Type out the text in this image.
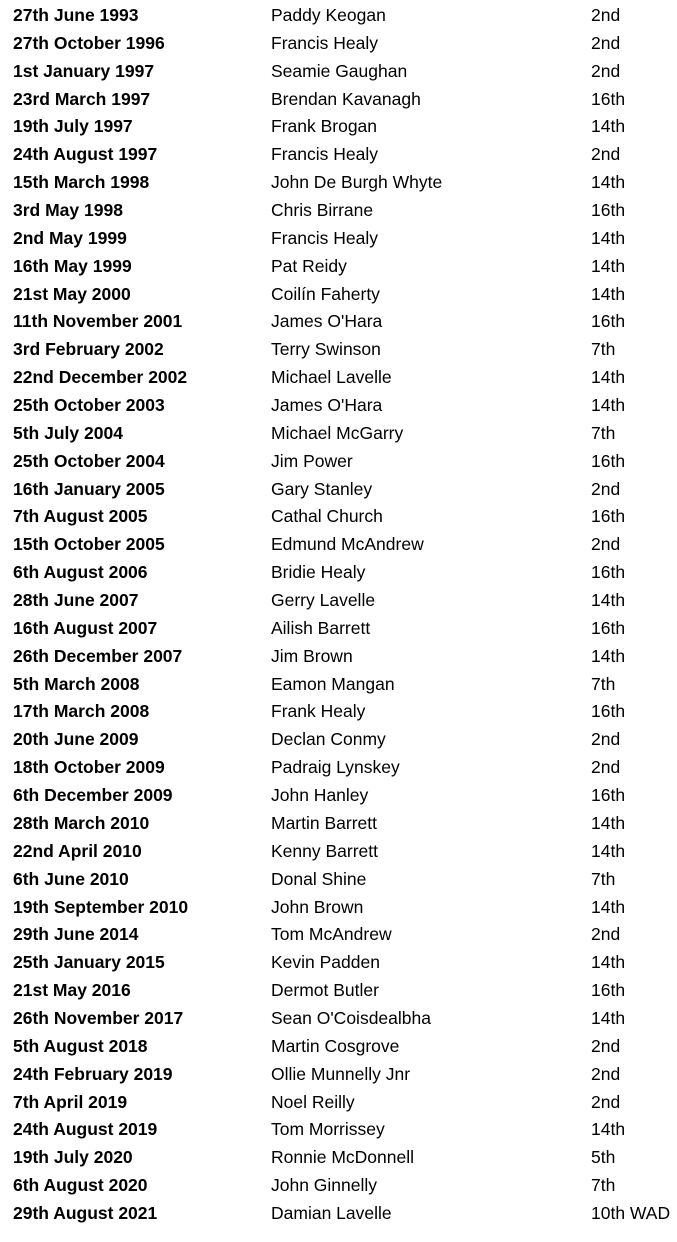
27th June 1993	Paddy Keogan	2nd
27th October 1996	Francis Healy	2nd
1st January 1997	Seamie Gaughan	2nd
23rd March 1997	Brendan Kavanagh	16th
19th July 1997	Frank Brogan	14th
24th August 1997	Francis Healy	2nd
15th March 1998	John De Burgh Whyte	14th
3rd May 1998	Chris Birrane	16th
2nd May 1999	Francis Healy	14th
16th May 1999	Pat Reidy	14th
21st May 2000	Coilín Faherty	14th
11th November 2001	James O'Hara	16th
3rd February 2002	Terry Swinson	7th
22nd December 2002	Michael Lavelle	14th
25th October 2003	James O'Hara	14th
5th July 2004	Michael McGarry	7th
25th October 2004	Jim Power	16th
16th January 2005	Gary Stanley	2nd
7th August 2005	Cathal Church	16th
15th October 2005	Edmund McAndrew	2nd
6th August 2006	Bridie Healy	16th
28th June 2007	Gerry Lavelle	14th
16th August 2007	Ailish Barrett	16th
26th December 2007	Jim Brown	14th
5th March 2008	Eamon Mangan	7th
17th March 2008	Frank Healy	16th
20th June 2009	Declan Conmy	2nd
18th October 2009	Padraig Lynskey	2nd
6th December 2009	John Hanley	16th
28th March 2010	Martin Barrett	14th
22nd April 2010	Kenny Barrett	14th
6th June 2010	Donal Shine	7th
19th September 2010	John Brown	14th
29th June 2014	Tom McAndrew	2nd
25th January 2015	Kevin Padden	14th
21st May 2016	Dermot Butler	16th
26th November 2017	Sean O'Coisdealbha	14th
5th August 2018	Martin Cosgrove	2nd
24th February 2019	Ollie Munnelly Jnr	2nd
7th April 2019	Noel Reilly	2nd
24th August 2019	Tom Morrissey	14th
19th July 2020	Ronnie McDonnell	5th
6th August 2020	John Ginnelly	7th
29th August 2021	Damian Lavelle	10th WAD
